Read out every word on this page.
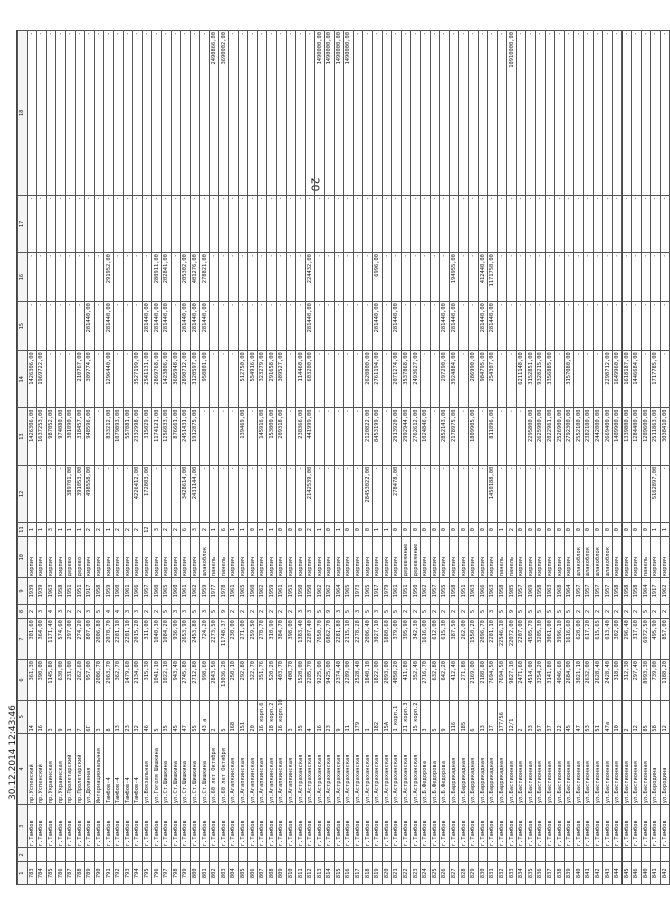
20
30.12.2014 12:43:46
1	2	3	4	5	6	7	8	9	10	11	12	13	14	15	16	17	18
783		г.Тамбов	пр.Успенский	14	361,30	301,60	2	1939	кирпич	1	-	1426306,00	1426306,00	-	-	-	-
784		г.Тамбов	пр.Успенский	16	390,00	364,00	3	1939	кирпич	1	-	1637253,00	1969722,00	-	-	-	-
785		г.Тамбов	пр.Украинская	3	1145,80	1171,40	4	1963	кирпич	3	-	987052,00	-	-	-	-	-
786		г.Тамбов	пр.Украинская	9	630,00	574,60	3	1958	кирпич	1	-	974080,00	-	-	-	-	-
787		г.Тамбов	пр.Пролетарский	1	231,00	297,00	2	1951	дерево	1	389701,00	301090,00	-	-	-	-	-
788		г.Тамбов	пр.Пролетарский	7	262,60	274,20	2	1951	дерево	1	391053,00	318457,00	210767,00	-	-	-	-
789		г.Тамбов	ул.Долинная	6Г	957,00	807,00	3	1917	кирпич	2	498558,00	948596,00	309774,00	281440,00	-	-	-
790		г.Тамбов	Интернациональная	3	2086,70	2006,80	5	1958	кирпич	2	-	-	-	-	-	-	-
791		г.Тамбов	Тамбов-4	8	2963,70	2070,70	4	1959	кирпич	1	-	833212,00	1296440,00	281440,00	291952,00	-	-
792		г.Тамбов	Тамбов-4	13	362,70	2201,10	4	1960	кирпич	2	-	1079893,00	-	-	-	-	-
793		г.Тамбов	Тамбов-4	23	1479,60	2201,10	3	1961	кирпич	2	-	557081,00	-	-	-	-	-
794		г.Тамбов	Тамбов-4	32	2134,00	2015,20	3	1966	кирпич	2	4226412,00	2332998,00	3527199,00	-	-	-	-
795		г.Тамбов	ул.Вокзальная	46	315,30	311,00	2	1957	кирпич	12	172803,00	315029,00	2541131,00	281440,00	-	-	-
796		г.Тамбов	ул.Гоголя Шишкина	5	1041,10	1040,30	2	1960	кирпич	3	-	1174121,00	2869768,00	281440,00	280911,00	-	-
797		г.Тамбов	ул.Ст.Шишкина	35	1022,10	1084,20	5	1965	кирпич	2	-	1256033,00	1423806,00	281440,00	202841,00	-	-
798		г.Тамбов	ул.Ст.Шишкина	45	943,40	936,90	3	1960	кирпич	2	-	876661,00	3605948,00	-	-	-	-
799		г.Тамбов	ул.Ст.Шишкина	47	2745,80	2653,90	3	1961	кирпич	6	3428614,00	2451431,00	2890712,00	281440,00	205302,00	-	-
800		г.Тамбов	ул.Ст.Шишкина	55	2712,80	2453,80	5	1962	кирпич	3	2431144,00	1912875,00	3120597,00	281440,00	401276,00	-	-
801		г.Тамбов	ул.Ст.Шишкина	43 а	998,60	724,20	3	1959	шлакоблок	2	-	-	950801,00	281440,00	278821,00	-	-
802		г.Тамбов	ул.60 лет Октября	2	2843,50	2273,50	5	1977	панель	1	-	-	-	-	-	-	2490866,00
803		г.Тамбов	ул.60 лет Октября	5	13036,20	11748,37	9	1978	панель	6	-	-	-	-	-	-	3690002,00
804		г.Тамбов	ул.Агапкинская	168	250,10	230,00	2	1961	кирпич	1	-	-	-	-	-	-	-
805		г.Тамбов	ул.Агапкинская	151	292,80	271,00	2	1965	кирпич	1	-	139469,00	512750,00	-	-	-	-
806		г.Тамбов	ул.Агапкинская	20	322,70	259,50	2	1960	кирпич	0	-	-	554916,00	-	-	-	-
807		г.Тамбов	ул.Агапкинская	16 корп.6	351,76	270,70	2	1962	кирпич	1	-	145916,00	323279,00	-	-	-	-
808		г.Тамбов	ул.Агапкинская	18 корп.2	520,20	310,90	2	1959	кирпич	1	-	153000,00	291658,00	-	-	-	-
809		г.Тамбов	ул.Агапкинская	16 корп.10	403,70	384,70	2	1961	кирпич	0	-	209318,00	389527,00	-	-	-	-
810		г.Тамбов	ул.Агапкинская	3	400,70	398,00	2	1951	кирпич	0	-	-	-	-	-	-	-
811		г.Тамбов	ул.Астраханская	35	1520,00	1383,40	3	1950	кирпич	0	-	230366,00	114460,00	-	-	-	-
812		г.Тамбов	ул.Астраханская	4	2205,70	2207,40	3	1950	кирпич	2	2142539,00	441999,00	603200,00	281440,00	224432,00	-	-
813		г.Тамбов	ул.Астраханская	16	9225,00	7650,70	5	1962	кирпич	1	-	-	-	-	-	-	1490000,00
814		г.Тамбов	ул.Астраханская	23	9425,00	6862,70	9	1962	кирпич	0	-	-	-	-	-	-	1490000,00
815		г.Тамбов	ул.Астраханская	9	2374,40	2281,80	3	1964	кирпич	1	-	-	-	-	-	-	1490000,00
816		г.Тамбов	ул.Астраханская	11	2209,00	2115,10	5	1965	кирпич	0	-	-	-	-	-	-	1490000,00
817		г.Тамбов	ул.Астраханская	179	2528,40	2278,28	3	1973	кирпич	0	-	-	-	-	-	-	-
818		г.Тамбов	ул.Астраханская	1	1840,10	2006,40	5	1965	кирпич	0	28453022,00	2120822,00	2620800,00	-	-	-	-
819		г.Тамбов	ул.Астраханская	182	1822,00	3027,10	3	1917	кирпич	1	-	8453199,00	2761194,00	281440,00	6996,00	-	-
820		г.Тамбов	ул.Астраханская	15А	2093,00	1880,60	5	1979	кирпич	1	-	-	-	-	-	-	-
821		г.Тамбов	ул.Астраханская	1 корп.1	4050,20	379,00	5	1961	кирпич	0	278478,00	2913920,00	2071274,00	281440,00	-	-	-
822		г.Тамбов	ул.Астраханская	21 корп.3	411,80	395,90	2	1951	деревянные	0	-	2992944,00	3537868,00	-	-	-	-
823		г.Тамбов	ул.Астраханская	15 корп.2	352,40	342,30	2	1950	деревянные	0	-	2762612,00	2493627,00	-	-	-	-
824		г.Тамбов	ул.Б.Федорова	3	2716,70	1616,00	5	1962	кирпич	0	-	1024846,00	-	-	-	-	-
825		г.Тамбов	ул.Б.Федорова	5	632,80	612,00	2	1957	кирпич	0	-	-	-	-	-	-	-
826		г.Тамбов	ул.Б.Федорова	9	642,20	615,30	2	1955	кирпич	0	-	2852143,00	297290,00	281440,00	-	-	-
827		г.Тамбов	ул.Баррикадная	116	412,40	387,50	2	1958	кирпич	0	-	2178975,00	3924884,00	281440,00	194955,00	-	-
828		г.Тамбов	ул.Баррикадная	185	271,80	262,00	2	1951	кирпич	0	-	-	-	-	-	-	-
829		г.Тамбов	ул.Баррикадная	6	2169,00	1550,20	5	1963	кирпич	0	-	1809905,00	286990,00	-	-	-	-
830		г.Тамбов	ул.Баррикадная	13	2180,80	2096,70	5	1966	кирпич	0	-	-	984795,00	281440,00	412440,00	-	-
831		г.Тамбов	ул.Баррикадная	17	7694,50	2201,10	3	1963	кирпич	0	1450188,00	811096,00	254307,00	281440,00	1171750,00	-	-
832		г.Тамбов	ул.Баррикадная	177/56	7694,50	22546,10	5	1958	панель	1	-	-	-	-	-	-	-
833		г.Тамбов	ул.Бастионная	12/1	9827,10	22072,00	9	1985	панель	2	-	-	-	-	-	-	10910000,00
834		г.Тамбов	ул.Бастионная	2	2471,60	2207,00	5	1957	кирпич	0	-	-	6211148,00	-	-	-	-
835		г.Тамбов	ул.Бастионная	33	4514,00	4505,70	5	1969	кирпич	0	-	2295800,00	3152851,00	-	-	-	-
836		г.Тамбов	ул.Бастионная	57	3254,20	3205,30	5	1958	кирпич	0	-	2625900,00	9328215,00	-	-	-	-
837		г.Тамбов	ул.Бастионная	37	3141,80	3061,00	5	1963	кирпич	0	-	2022961,00	3356885,00	-	-	-	-
838		г.Тамбов	ул.Бастионная	22	4046,60	3996,10	5	1968	кирпич	0	-	2526900,00	-	-	-	-	-
839		г.Тамбов	ул.Бастионная	45	2684,00	1616,60	5	1964	кирпич	0	-	2792300,00	3157080,00	-	-	-	-
840		г.Тамбов	ул.Бастионная	47	3021,10	620,00	2	1957	шлакоблок	0	-	2552100,00	-	-	-	-	-
841		г.Тамбов	ул.Бастионная	53	2632,00	617,20	2	1957	шлакоблок	0	-	2382100,00	-	-	-	-	-
842		г.Тамбов	ул.Бастионная	51	2628,40	615,65	2	1957	шлакоблок	0	-	2442000,00	-	-	-	-	-
843		г.Тамбов	ул.Бастионная	47а	2428,40	613,40	2	1957	шлакоблок	0	-	2669400,00	2298712,00	-	-	-	-
844		г.Тамбов	ул.Бастионная	10	318,00	302,00	2	1958	кирпич	0	-	1409900,00	1649960,00	-	-	-	-
845		г.Тамбов	ул.Бастионная	2	312,30	296,40	2	1958	кирпич	0	-	1339800,00	1618187,00	-	-	-	-
846		г.Тамбов	ул.Бастионная	12	297,40	317,60	2	1958	кирпич	0	-	1284400,00	1446684,00	-	-	-	-
840		г.Тамбов	ул.Бастионная	85	8993,30	6972,50	5	1964	панель	0	-	1209600,00	-	-	-	-	-
841		г.Тамбов	ул.Бородина	58	739,00	495,90	2	1917	кирпич	1	5162897,00	2511863,00	1717785,00	-	-	-	-
842		г.Тамбов	ул.Бородина	12	1188,20	857,00	2	1962	кирпич	1	-	3038410,00	-	-	-	-	-
